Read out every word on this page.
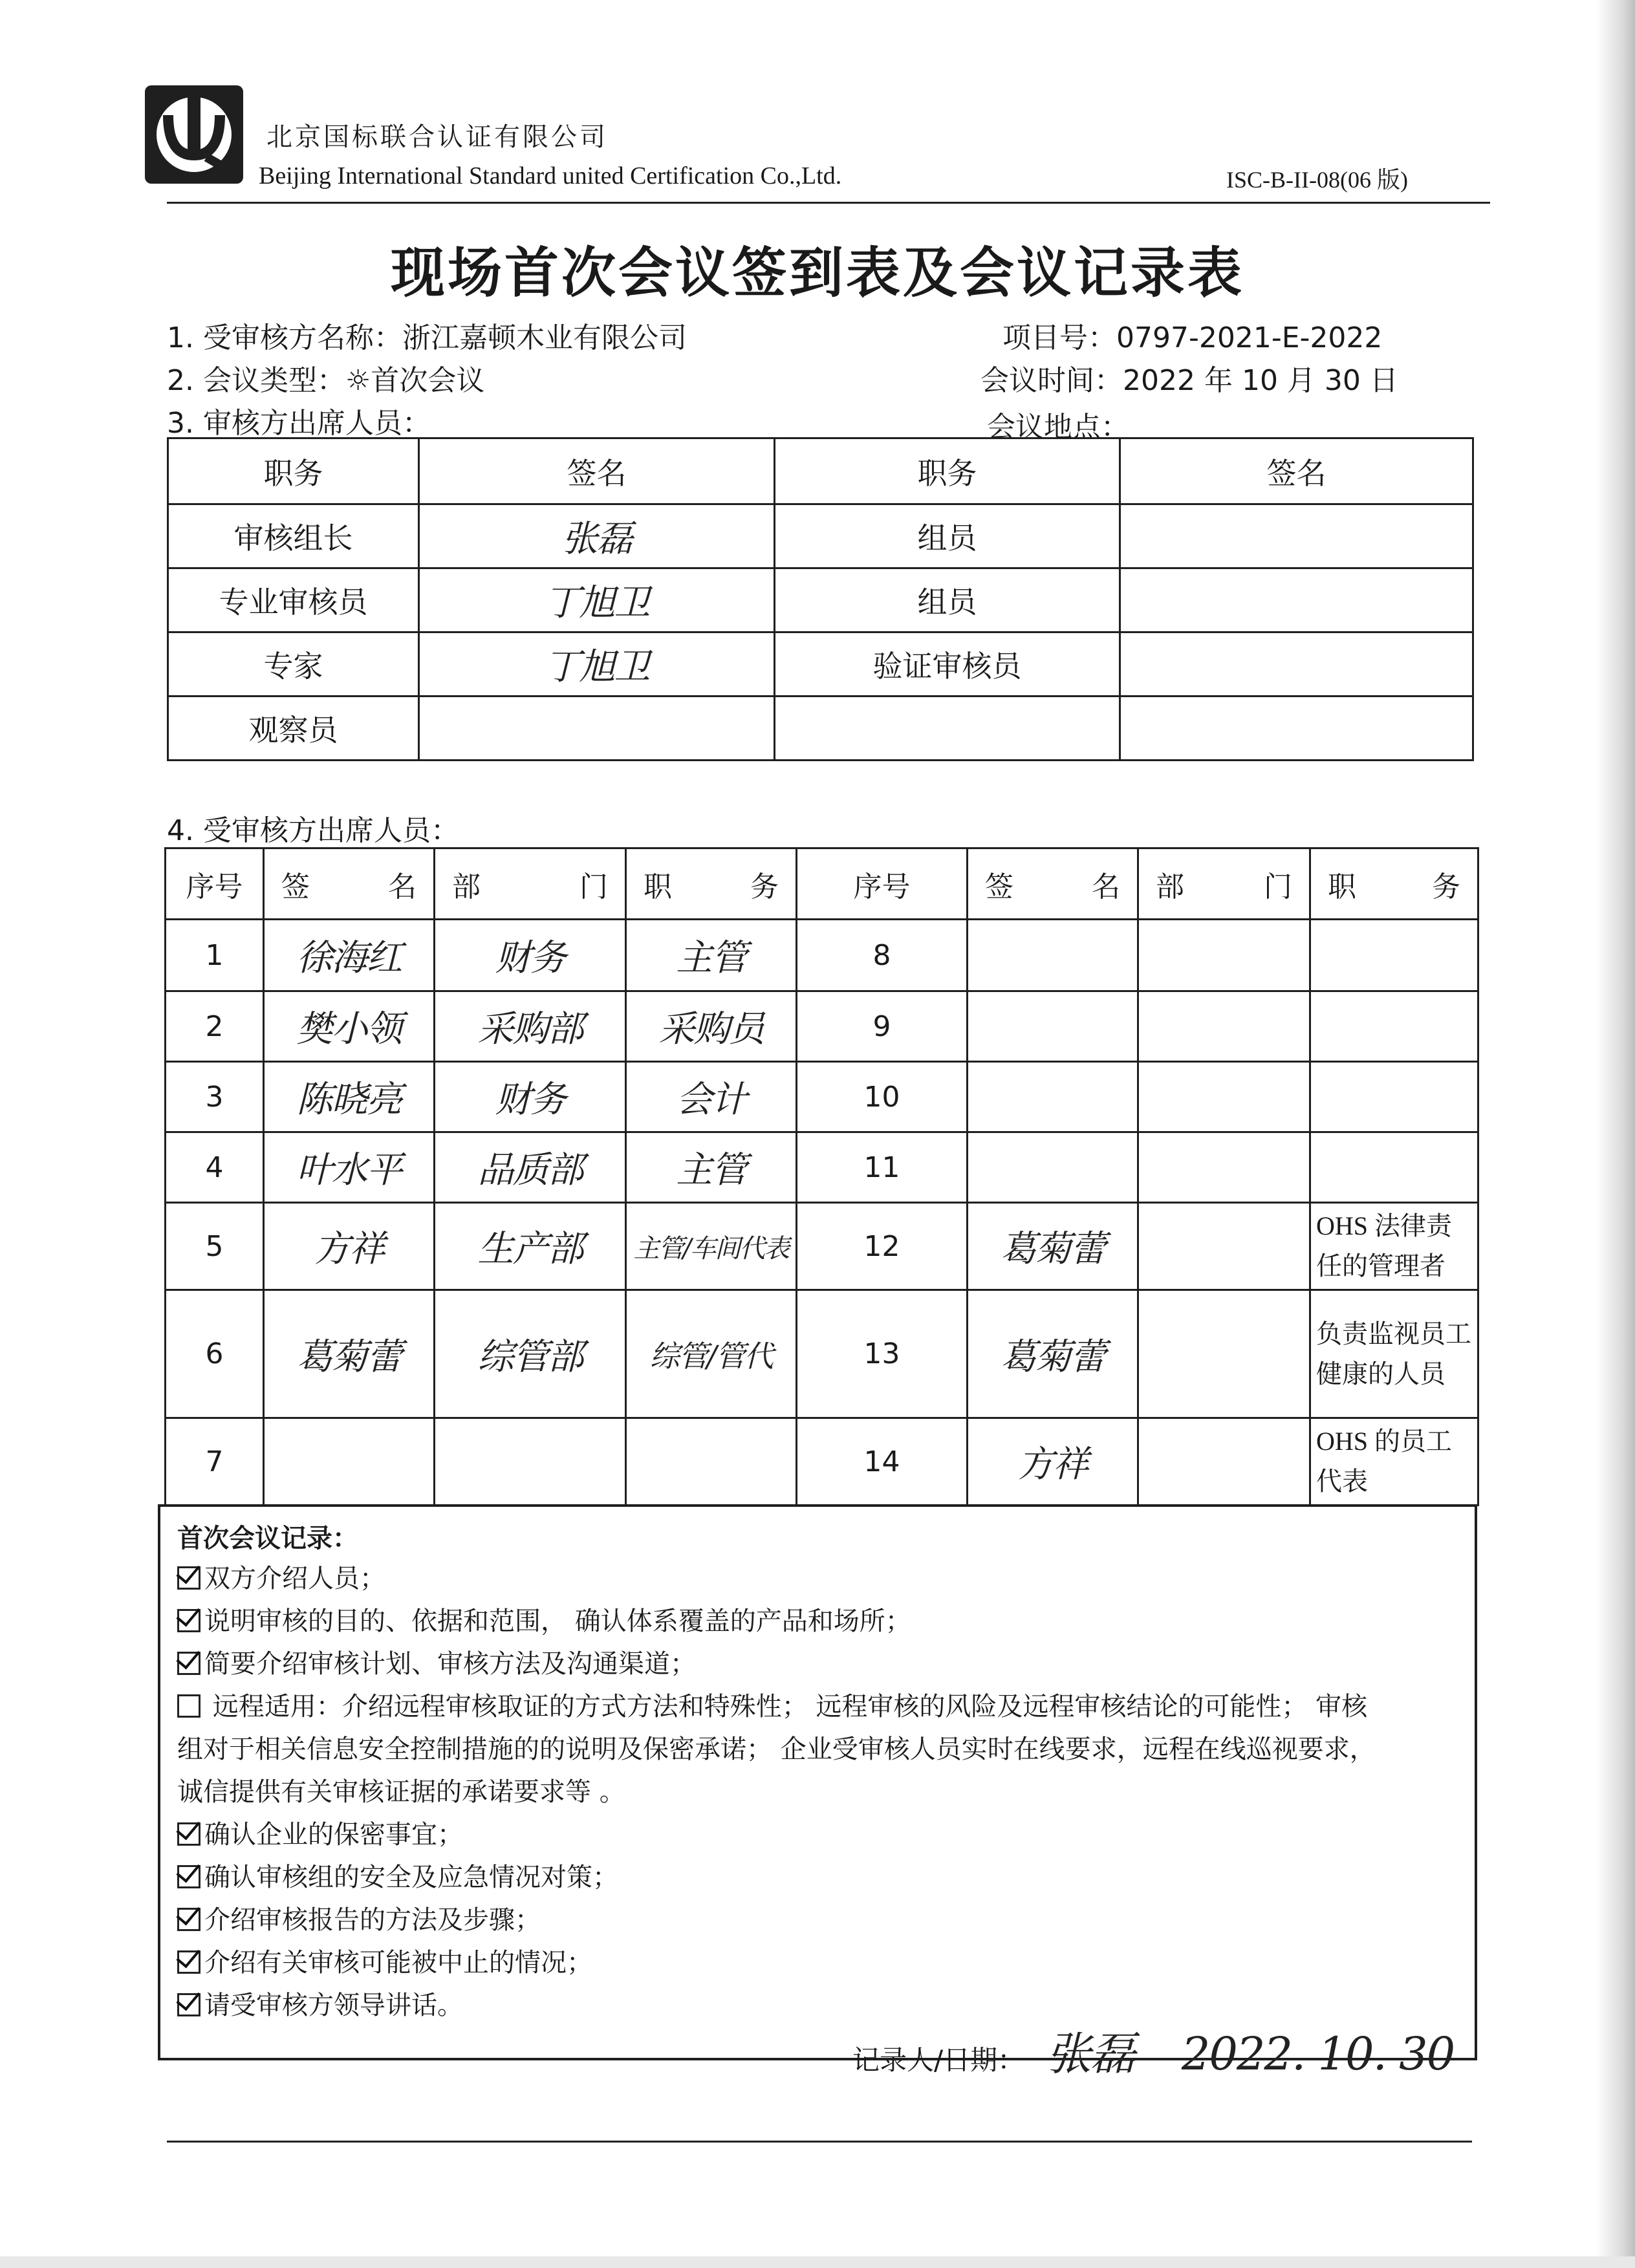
北京国标联合认证有限公司
Beijing International Standard united Certification Co.,Ltd.	ISC-B-II-08(06 版)
现场首次会议签到表及会议记录表
1. 受审核方名称：浙江嘉顿木业有限公司	项目号：0797-2021-E-2022
2. 会议类型：☼首次会议	会议时间：2022 年 10 月 30 日
3. 审核方出席人员：	会议地点：
职务	签名	职务	签名
审核组长	张磊	组员	
专业审核员	丁旭卫	组员	
专家	丁旭卫	验证审核员	
观察员			
4. 受审核方出席人员：
序号	签 名	部 门	职 务	序号	签 名	部 门	职 务

1	徐海红	财务	主管	8			
2	樊小领	采购部	采购员	9			
3	陈晓亮	财务	会计	10			
4	叶水平	品质部	主管	11			
5	方祥	生产部	主管/车间代表	12	葛菊蕾		OHS 法律责任的管理者
6	葛菊蕾	综管部	综管/管代	13	葛菊蕾		负责监视员工健康的人员
7				14	方祥		OHS 的员工代表
首次会议记录：
双方介绍人员；
说明审核的目的、依据和范围， 确认体系覆盖的产品和场所；
简要介绍审核计划、审核方法及沟通渠道；
远程适用：介绍远程审核取证的方式方法和特殊性； 远程审核的风险及远程审核结论的可能性； 审核
组对于相关信息安全控制措施的的说明及保密承诺； 企业受审核人员实时在线要求，远程在线巡视要求，
诚信提供有关审核证据的承诺要求等 。
确认企业的保密事宜；
确认审核组的安全及应急情况对策；
介绍审核报告的方法及步骤；
介绍有关审核可能被中止的情况；
请受审核方领导讲话。
记录人/日期： 张磊 2022. 10. 30
